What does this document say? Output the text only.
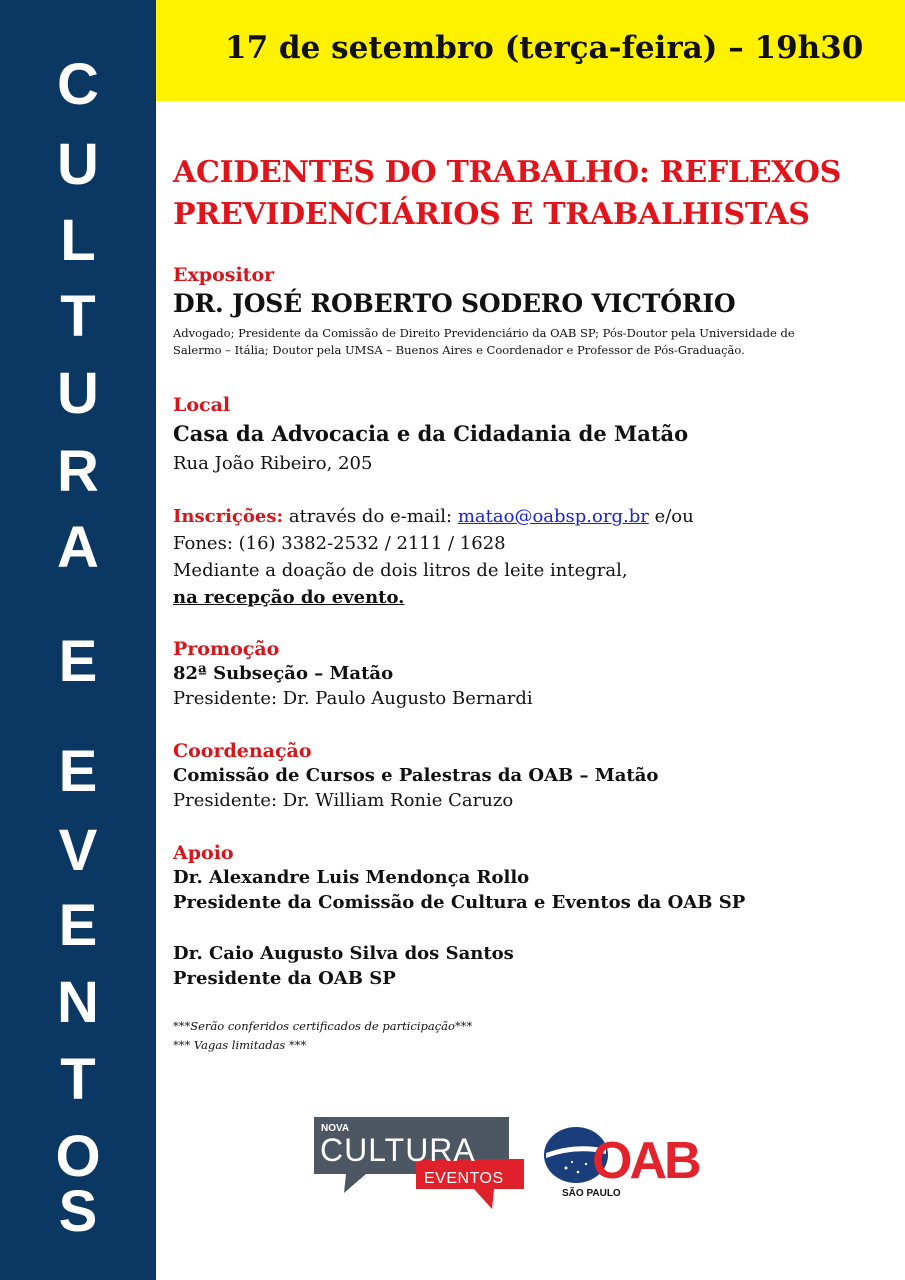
C
U
L
T
U
R
A
E
E
V
E
N
T
O
S
17 de setembro (terça-feira) – 19h30
ACIDENTES DO TRABALHO: REFLEXOS
PREVIDENCIÁRIOS E TRABALHISTAS
Expositor
DR. JOSÉ ROBERTO SODERO VICTÓRIO
Advogado; Presidente da Comissão de Direito Previdenciário da OAB SP; Pós-Doutor pela Universidade de
Salermo – Itália; Doutor pela UMSA – Buenos Aires e Coordenador e Professor de Pós-Graduação.
Local
Casa da Advocacia e da Cidadania de Matão
Rua João Ribeiro, 205
Inscrições: através do e-mail: matao@oabsp.org.br e/ou
Fones: (16) 3382-2532 / 2111 / 1628
Mediante a doação de dois litros de leite integral,
na recepção do evento.
Promoção
82ª Subseção – Matão
Presidente: Dr. Paulo Augusto Bernardi
Coordenação
Comissão de Cursos e Palestras da OAB – Matão
Presidente: Dr. William Ronie Caruzo
Apoio
Dr. Alexandre Luis Mendonça Rollo
Presidente da Comissão de Cultura e Eventos da OAB SP
Dr. Caio Augusto Silva dos Santos
Presidente da OAB SP
***Serão conferidos certificados de participação***
*** Vagas limitadas ***
NOVA
CULTURA
EVENTOS OAB
SÃO PAULO
